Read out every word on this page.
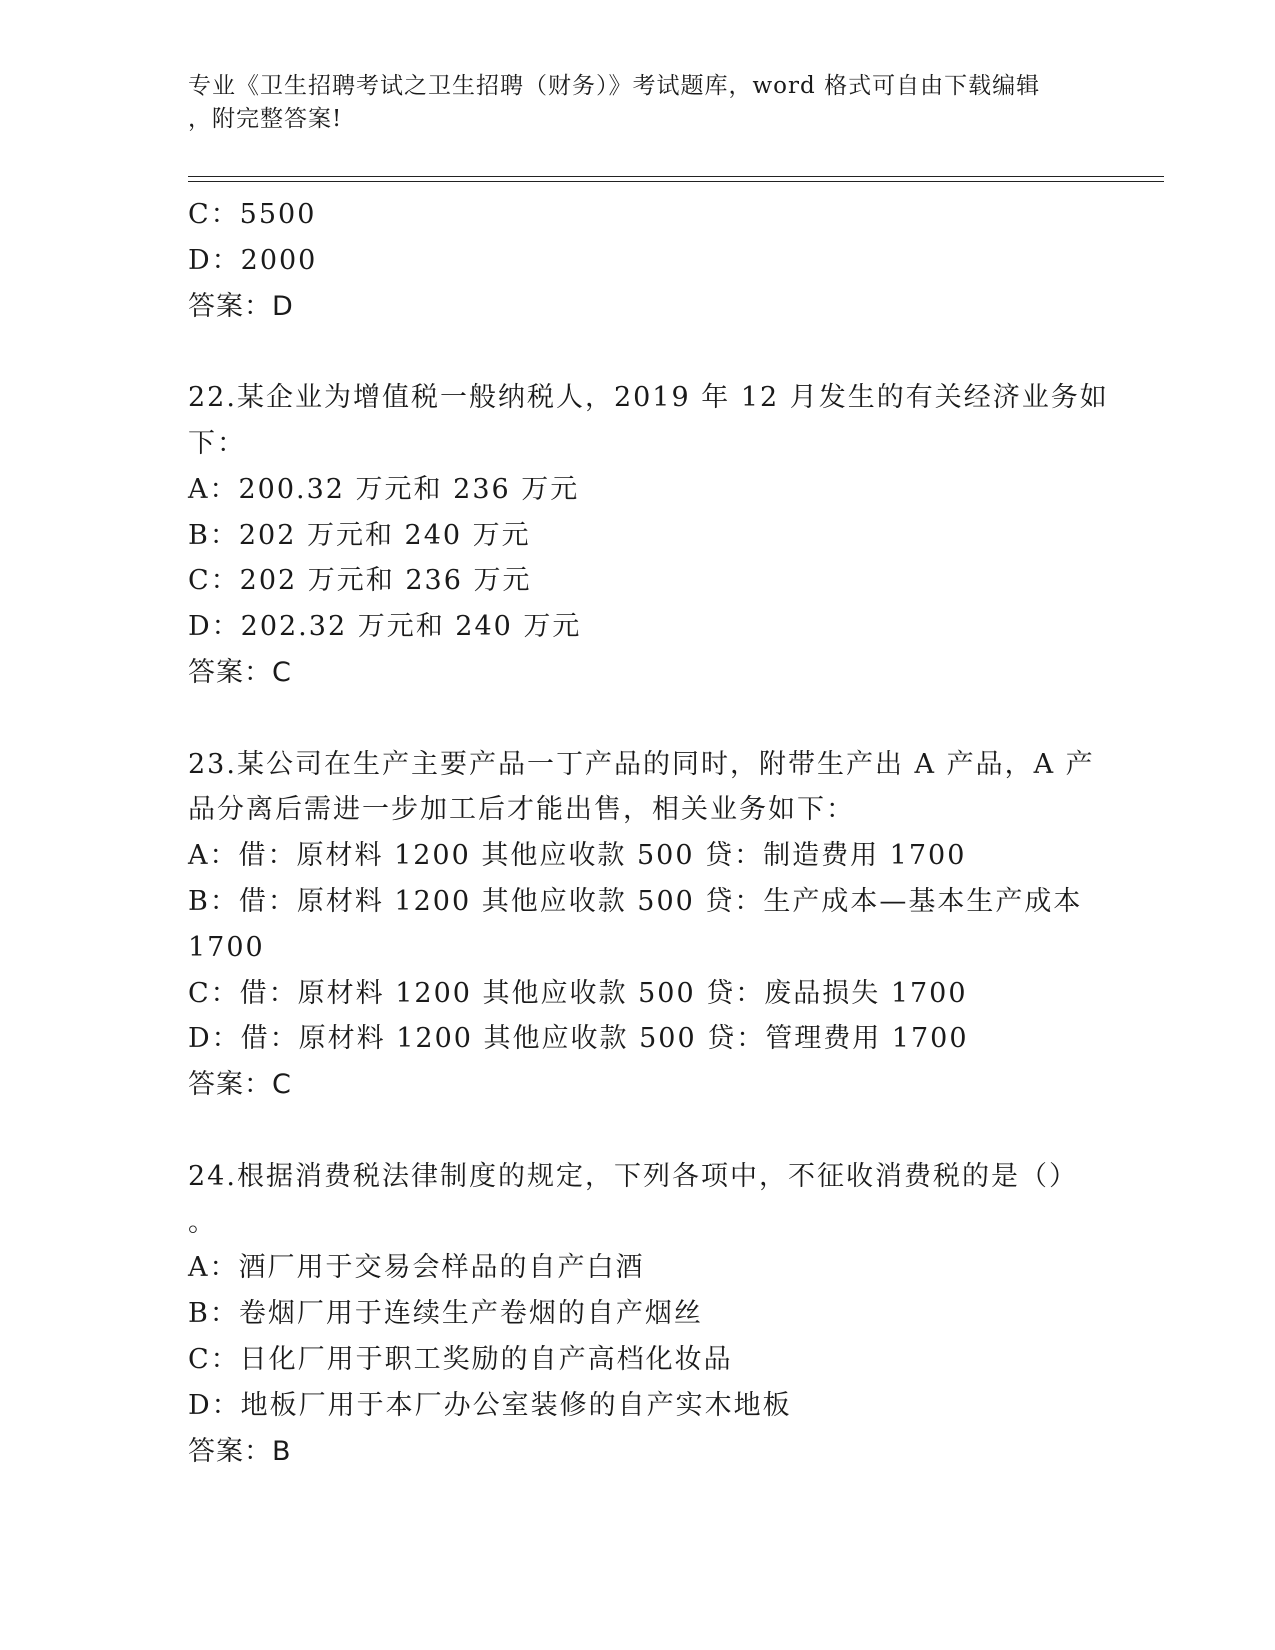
专业《卫生招聘考试之卫生招聘（财务）》考试题库，word 格式可自由下载编辑
，附完整答案!
C：5500
D：2000
答案：D
22.某企业为增值税一般纳税人，2019 年 12 月发生的有关经济业务如
下：
A：200.32 万元和 236 万元
B：202 万元和 240 万元
C：202 万元和 236 万元
D：202.32 万元和 240 万元
答案：C
23.某公司在生产主要产品一丁产品的同时，附带生产出 A 产品，A 产
品分离后需进一步加工后才能出售，相关业务如下：
A：借：原材料 1200 其他应收款 500 贷：制造费用 1700
B：借：原材料 1200 其他应收款 500 贷：生产成本—基本生产成本
1700
C：借：原材料 1200 其他应收款 500 贷：废品损失 1700
D：借：原材料 1200 其他应收款 500 贷：管理费用 1700
答案：C
24.根据消费税法律制度的规定，下列各项中，不征收消费税的是（）
。
A：酒厂用于交易会样品的自产白酒
B：卷烟厂用于连续生产卷烟的自产烟丝
C：日化厂用于职工奖励的自产高档化妆品
D：地板厂用于本厂办公室装修的自产实木地板
答案：B
